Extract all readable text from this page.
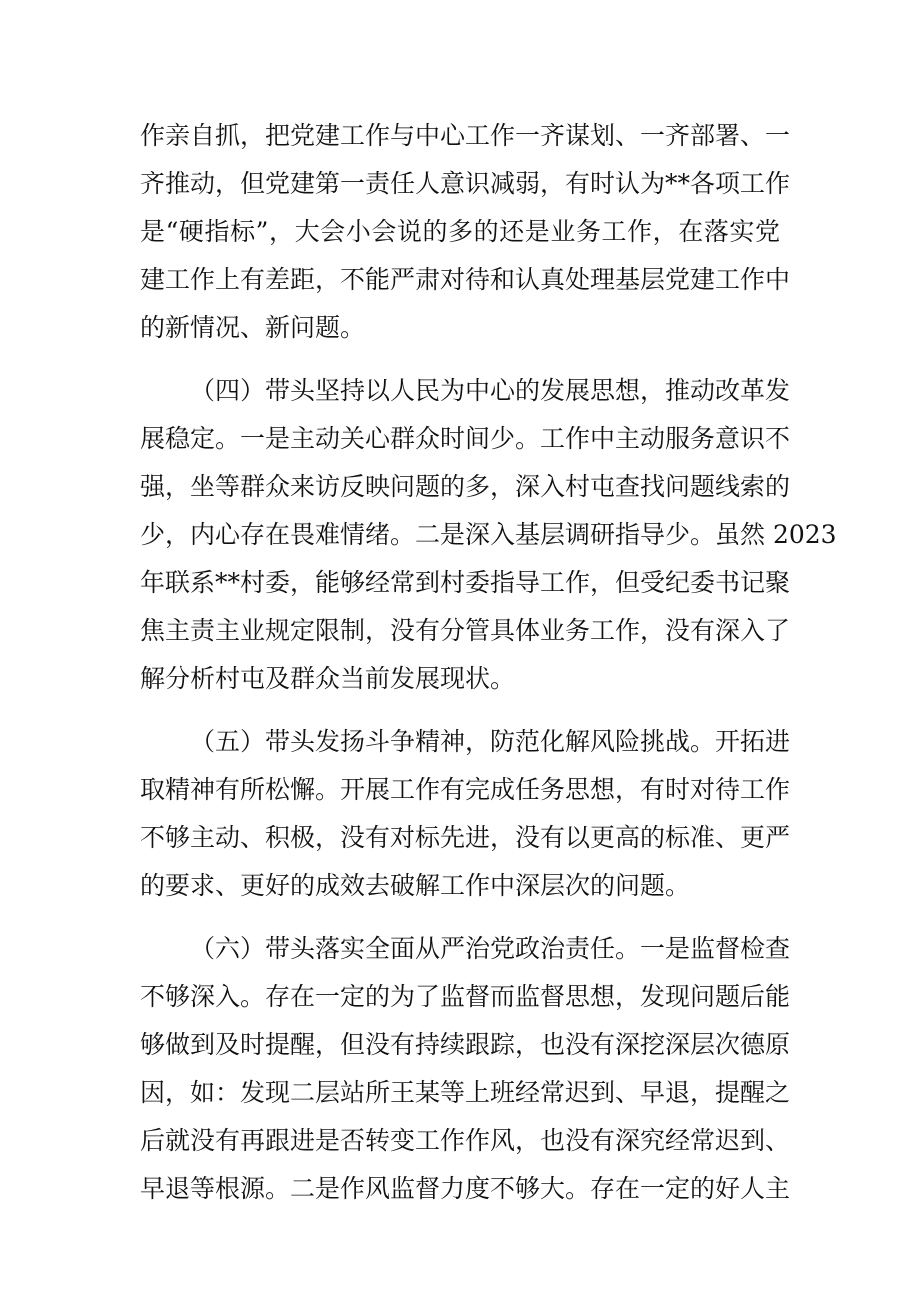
作亲自抓，把党建工作与中心工作一齐谋划、一齐部署、一
齐推动，但党建第一责任人意识减弱，有时认为**各项工作
是“硬指标”，大会小会说的多的还是业务工作，在落实党
建工作上有差距，不能严肃对待和认真处理基层党建工作中
的新情况、新问题。
（四）带头坚持以人民为中心的发展思想，推动改革发
展稳定。一是主动关心群众时间少。工作中主动服务意识不
强，坐等群众来访反映问题的多，深入村屯查找问题线索的
少，内心存在畏难情绪。二是深入基层调研指导少。虽然 2023
年联系**村委，能够经常到村委指导工作，但受纪委书记聚
焦主责主业规定限制，没有分管具体业务工作，没有深入了
解分析村屯及群众当前发展现状。
（五）带头发扬斗争精神，防范化解风险挑战。开拓进
取精神有所松懈。开展工作有完成任务思想，有时对待工作
不够主动、积极，没有对标先进，没有以更高的标准、更严
的要求、更好的成效去破解工作中深层次的问题。
（六）带头落实全面从严治党政治责任。一是监督检查
不够深入。存在一定的为了监督而监督思想，发现问题后能
够做到及时提醒，但没有持续跟踪，也没有深挖深层次德原
因，如：发现二层站所王某等上班经常迟到、早退，提醒之
后就没有再跟进是否转变工作作风，也没有深究经常迟到、
早退等根源。二是作风监督力度不够大。存在一定的好人主
